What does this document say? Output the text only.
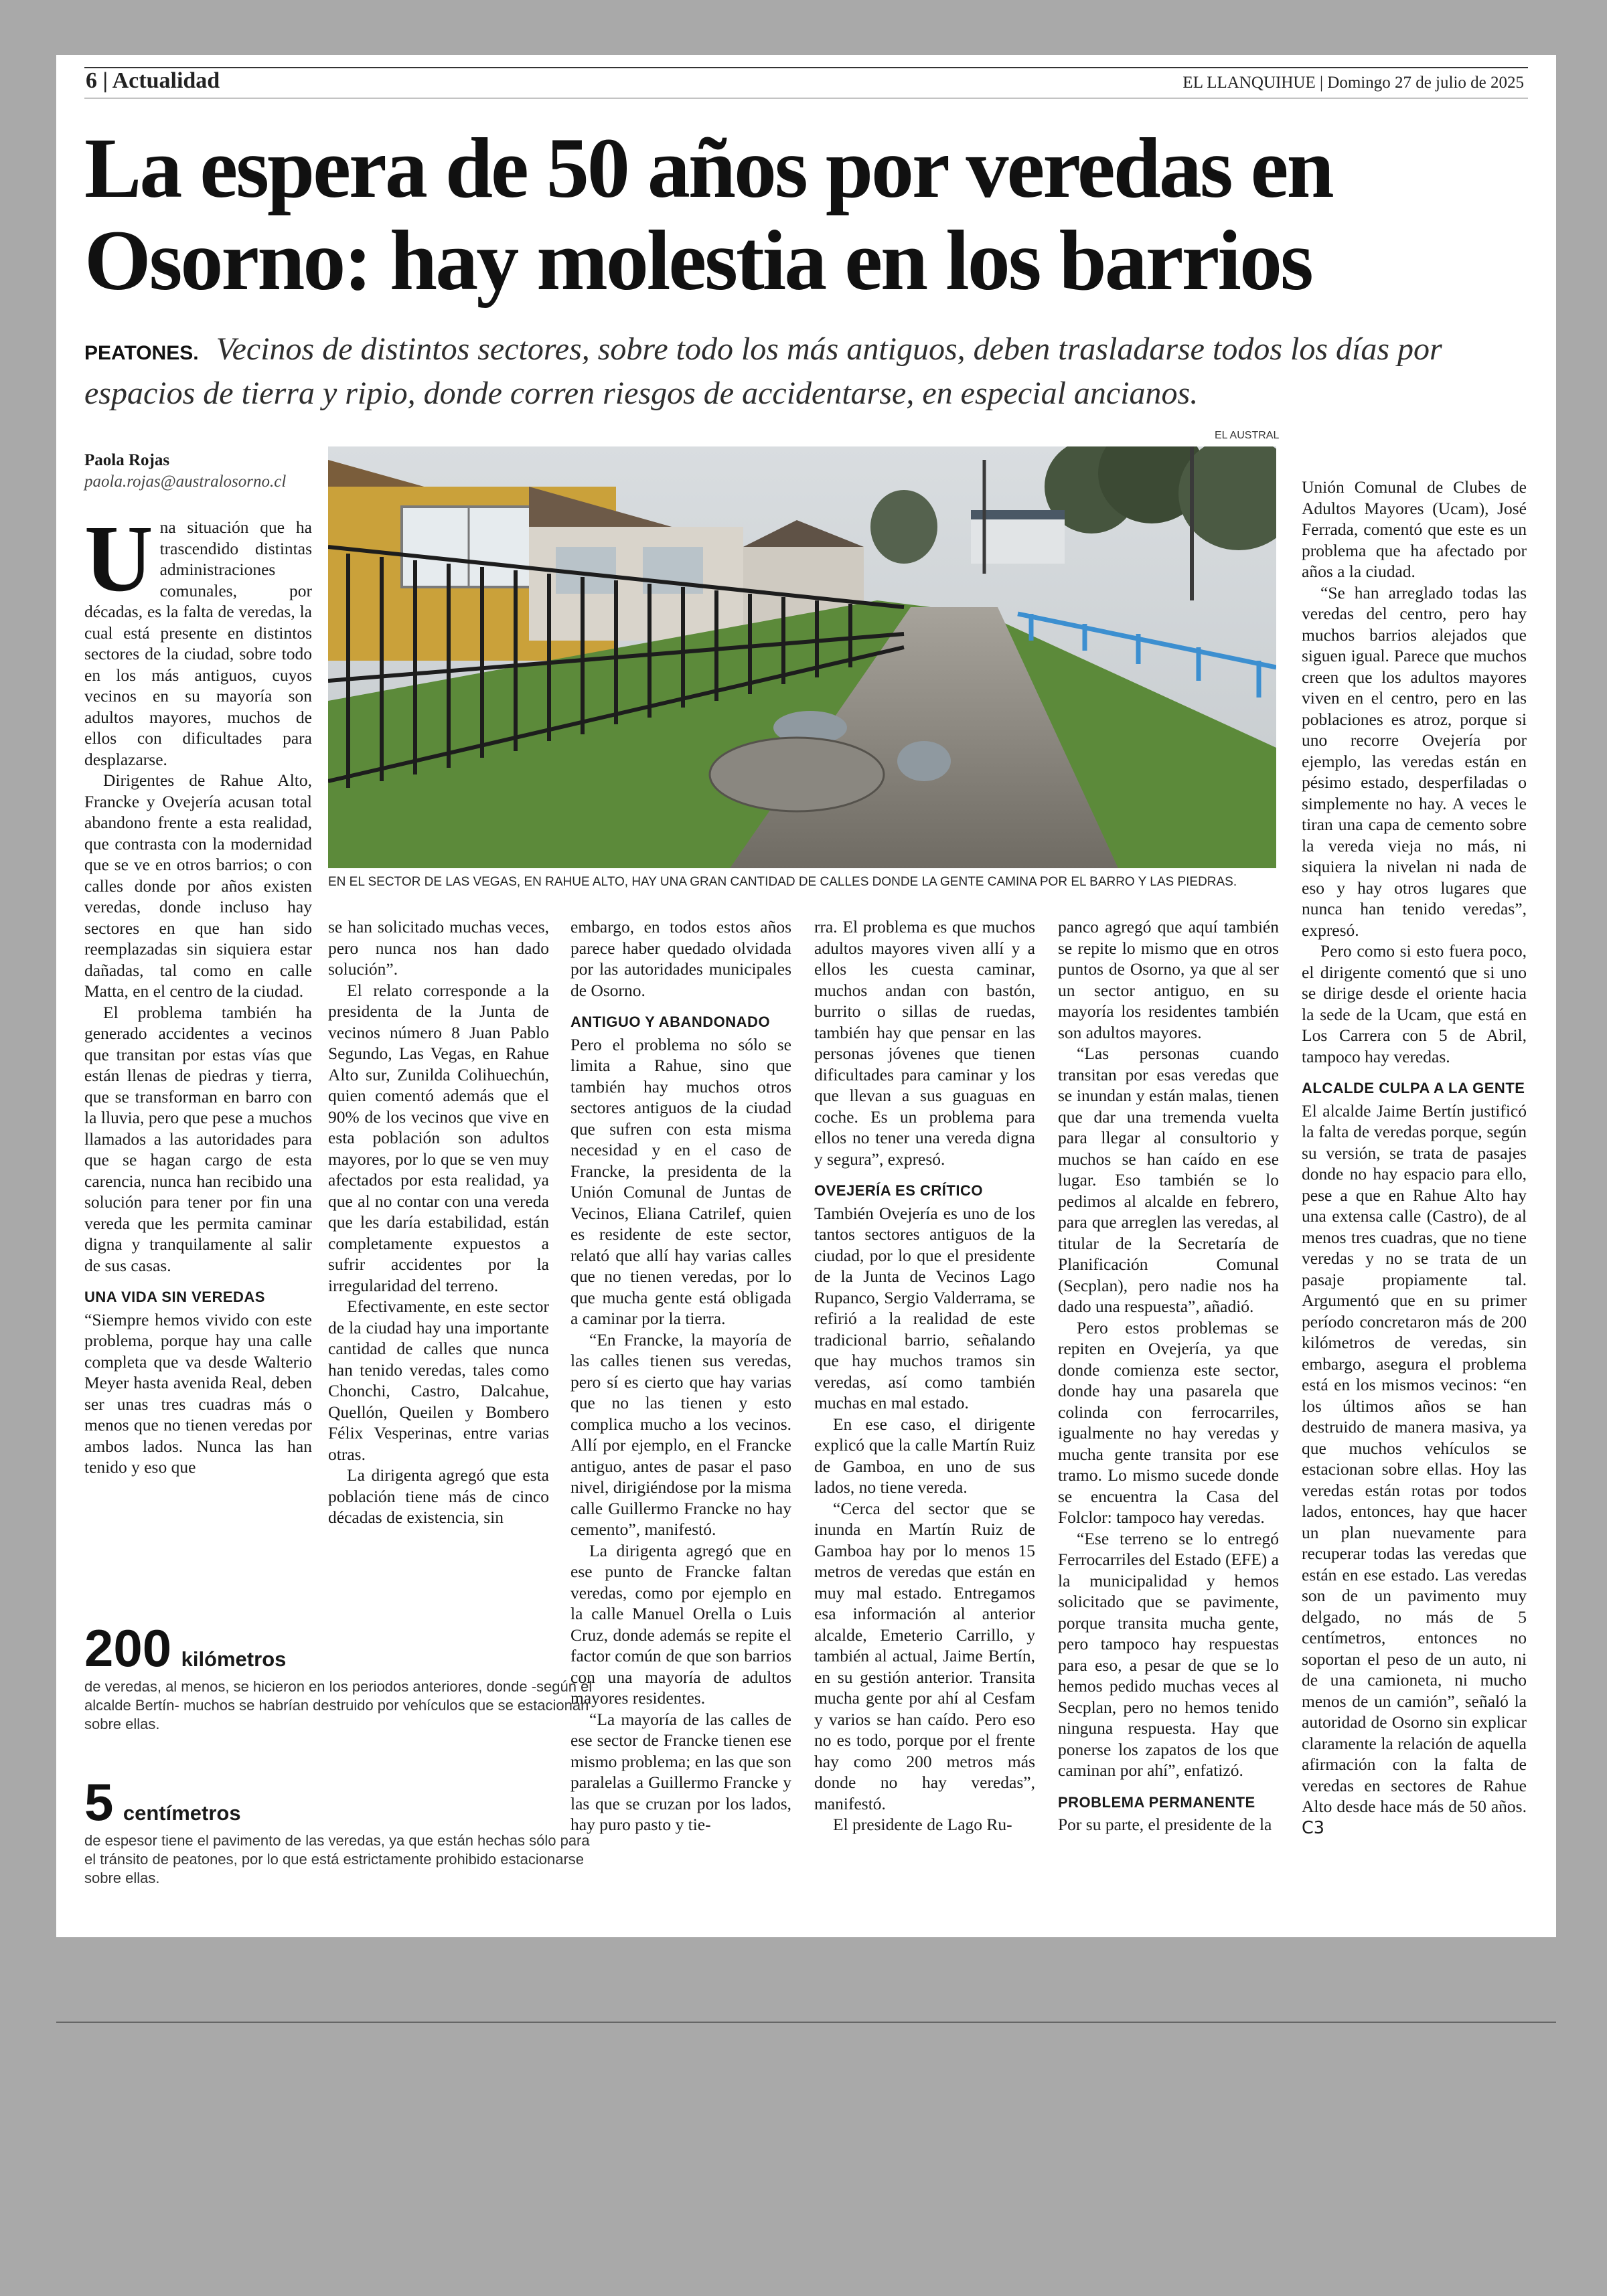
6 | Actualidad	EL LLANQUIHUE | Domingo 27 de julio de 2025
La espera de 50 años por veredas en Osorno: hay molestia en los barrios
PEATONES. Vecinos de distintos sectores, sobre todo los más antiguos, deben trasladarse todos los días por espacios de tierra y ripio, donde corren riesgos de accidentarse, en especial ancianos.
Paola Rojas
paola.rojas@australosorno.cl
EL AUSTRAL
EN EL SECTOR DE LAS VEGAS, EN RAHUE ALTO, HAY UNA GRAN CANTIDAD DE CALLES DONDE LA GENTE CAMINA POR EL BARRO Y LAS PIEDRAS.
U na situación que ha trascendido distintas administraciones comunales, por décadas, es la falta de veredas, la cual está presente en distintos sectores de la ciudad, sobre todo en los más antiguos, cuyos vecinos en su mayoría son adultos mayores, muchos de ellos con dificultades para desplazarse.

Dirigentes de Rahue Alto, Francke y Ovejería acusan total abandono frente a esta realidad, que contrasta con la modernidad que se ve en otros barrios; o con calles donde por años existen veredas, donde incluso hay sectores en que han sido reemplazadas sin siquiera estar dañadas, tal como en calle Matta, en el centro de la ciudad.

El problema también ha generado accidentes a vecinos que transitan por estas vías que están llenas de piedras y tierra, que se transforman en barro con la lluvia, pero que pese a muchos llamados a las autoridades para que se hagan cargo de esta carencia, nunca han recibido una solución para tener por fin una vereda que les permita caminar digna y tranquilamente al salir de sus casas.

UNA VIDA SIN VEREDAS

“Siempre hemos vivido con este problema, porque hay una calle completa que va desde Walterio Meyer hasta avenida Real, deben ser unas tres cuadras más o menos que no tienen veredas por ambos lados. Nunca las han tenido y eso que

se han solicitado muchas veces, pero nunca nos han dado solución”.

El relato corresponde a la presidenta de la Junta de vecinos número 8 Juan Pablo Segundo, Las Vegas, en Rahue Alto sur, Zunilda Colihuechún, quien comentó además que el 90% de los vecinos que vive en esta población son adultos mayores, por lo que se ven muy afectados por esta realidad, ya que al no contar con una vereda que les daría estabilidad, están completamente expuestos a sufrir accidentes por la irregularidad del terreno.

Efectivamente, en este sector de la ciudad hay una importante cantidad de calles que nunca han tenido veredas, tales como Chonchi, Castro, Dalcahue, Quellón, Queilen y Bombero Félix Vesperinas, entre varias otras.

La dirigenta agregó que esta población tiene más de cinco décadas de existencia, sin

embargo, en todos estos años parece haber quedado olvidada por las autoridades municipales de Osorno.

ANTIGUO Y ABANDONADO

Pero el problema no sólo se limita a Rahue, sino que también hay muchos otros sectores antiguos de la ciudad que sufren con esta misma necesidad y en el caso de Francke, la presidenta de la Unión Comunal de Juntas de Vecinos, Eliana Catrilef, quien es residente de este sector, relató que allí hay varias calles que no tienen veredas, por lo que mucha gente está obligada a caminar por la tierra.

“En Francke, la mayoría de las calles tienen sus veredas, pero sí es cierto que hay varias que no las tienen y esto complica mucho a los vecinos. Allí por ejemplo, en el Francke antiguo, antes de pasar el paso nivel, dirigiéndose por la misma calle Guillermo Francke no hay cemento”, manifestó.

La dirigenta agregó que en ese punto de Francke faltan veredas, como por ejemplo en la calle Manuel Orella o Luis Cruz, donde además se repite el factor común de que son barrios con una mayoría de adultos mayores residentes.

“La mayoría de las calles de ese sector de Francke tienen ese mismo problema; en las que son paralelas a Guillermo Francke y las que se cruzan por los lados, hay puro pasto y tie-

rra. El problema es que muchos adultos mayores viven allí y a ellos les cuesta caminar, muchos andan con bastón, burrito o sillas de ruedas, también hay que pensar en las personas jóvenes que tienen dificultades para caminar y los que llevan a sus guaguas en coche. Es un problema para ellos no tener una vereda digna y segura”, expresó.

OVEJERÍA ES CRÍTICO

También Ovejería es uno de los tantos sectores antiguos de la ciudad, por lo que el presidente de la Junta de Vecinos Lago Rupanco, Sergio Valderrama, se refirió a la realidad de este tradicional barrio, señalando que hay muchos tramos sin veredas, así como también muchas en mal estado.

En ese caso, el dirigente explicó que la calle Martín Ruiz de Gamboa, en uno de sus lados, no tiene vereda.

“Cerca del sector que se inunda en Martín Ruiz de Gamboa hay por lo menos 15 metros de veredas que están en muy mal estado. Entregamos esa información al anterior alcalde, Emeterio Carrillo, y también al actual, Jaime Bertín, en su gestión anterior. Transita mucha gente por ahí al Cesfam y varios se han caído. Pero eso no es todo, porque por el frente hay como 200 metros más donde no hay veredas”, manifestó.

El presidente de Lago Ru-

panco agregó que aquí también se repite lo mismo que en otros puntos de Osorno, ya que al ser un sector antiguo, en su mayoría los residentes también son adultos mayores.

“Las personas cuando transitan por esas veredas que se inundan y están malas, tienen que dar una tremenda vuelta para llegar al consultorio y muchos se han caído en ese lugar. Eso también se lo pedimos al alcalde en febrero, para que arreglen las veredas, al titular de la Secretaría de Planificación Comunal (Secplan), pero nadie nos ha dado una respuesta”, añadió.

Pero estos problemas se repiten en Ovejería, ya que donde comienza este sector, donde hay una pasarela que colinda con ferrocarriles, igualmente no hay veredas y mucha gente transita por ese tramo. Lo mismo sucede donde se encuentra la Casa del Folclor: tampoco hay veredas.

“Ese terreno se lo entregó Ferrocarriles del Estado (EFE) a la municipalidad y hemos solicitado que se pavimente, porque transita mucha gente, pero tampoco hay respuestas para eso, a pesar de que se lo hemos pedido muchas veces al Secplan, pero no hemos tenido ninguna respuesta. Hay que ponerse los zapatos de los que caminan por ahí”, enfatizó.

PROBLEMA PERMANENTE

Por su parte, el presidente de la

Unión Comunal de Clubes de Adultos Mayores (Ucam), José Ferrada, comentó que este es un problema que ha afectado por años a la ciudad.

“Se han arreglado todas las veredas del centro, pero hay muchos barrios alejados que siguen igual. Parece que muchos creen que los adultos mayores viven en el centro, pero en las poblaciones es atroz, porque si uno recorre Ovejería por ejemplo, las veredas están en pésimo estado, desperfiladas o simplemente no hay. A veces le tiran una capa de cemento sobre la vereda vieja no más, ni siquiera la nivelan ni nada de eso y hay otros lugares que nunca han tenido veredas”, expresó.

Pero como si esto fuera poco, el dirigente comentó que si uno se dirige desde el oriente hacia la sede de la Ucam, que está en Los Carrera con 5 de Abril, tampoco hay veredas.

ALCALDE CULPA A LA GENTE

El alcalde Jaime Bertín justificó la falta de veredas porque, según su versión, se trata de pasajes donde no hay espacio para ello, pese a que en Rahue Alto hay una extensa calle (Castro), de al menos tres cuadras, que no tiene veredas y no se trata de un pasaje propiamente tal. Argumentó que en su primer período concretaron más de 200 kilómetros de veredas, sin embargo, asegura el problema está en los mismos vecinos: “en los últimos años se han destruido de manera masiva, ya que muchos vehículos se estacionan sobre ellas. Hoy las veredas están rotas por todos lados, entonces, hay que hacer un plan nuevamente para recuperar todas las veredas que están en ese estado. Las veredas son de un pavimento muy delgado, no más de 5 centímetros, entonces no soportan el peso de un auto, ni de una camioneta, ni mucho menos de un camión”, señaló la autoridad de Osorno sin explicar claramente la relación de aquella afirmación con la falta de veredas en sectores de Rahue Alto desde hace más de 50 años. C3

200 kilómetros
de veredas, al menos, se hicieron en los periodos anteriores, donde -según el alcalde Bertín- muchos se habrían destruido por vehículos que se estacionan sobre ellas.
5 centímetros
de espesor tiene el pavimento de las veredas, ya que están hechas sólo para el tránsito de peatones, por lo que está estrictamente prohibido estacionarse sobre ellas.
